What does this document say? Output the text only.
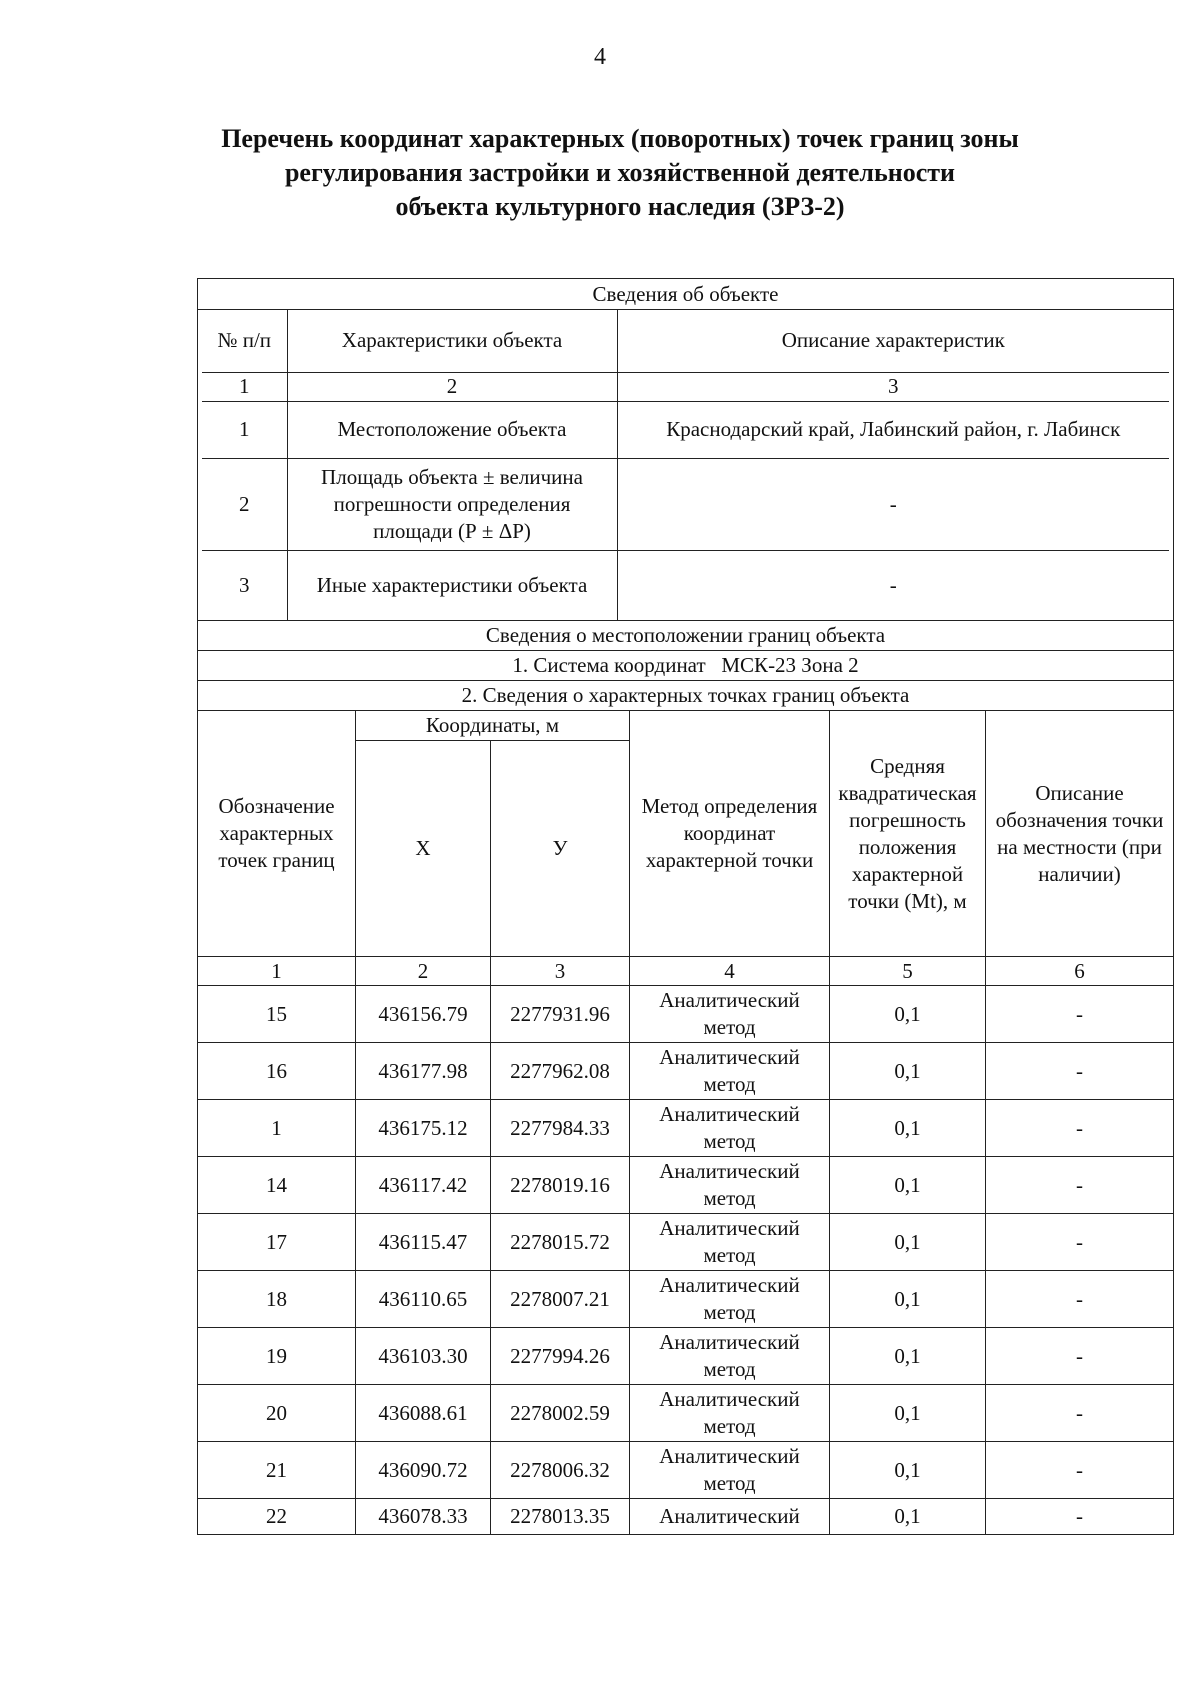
4
Перечень координат характерных (поворотных) точек границ зоны
регулирования застройки и хозяйственной деятельности
объекта культурного наследия (ЗРЗ-2)
Сведения об объекте

№ п/п	Характеристики объекта	Описание характеристик
1	2	3
1	Местоположение объекта	Краснодарский край, Лабинский район, г. Лабинск
2	Площадь объекта ± величина погрешности определения площади (Р ± ΔР)	-
3	Иные характеристики объекта	-

Сведения о местоположении границ объекта
1. Система координат   МСК-23 Зона 2
2. Сведения о характерных точках границ объекта
Обозначение характерных точек границ	Координаты, м	Метод определения координат характерной точки	Средняя квадратическая погрешность положения характерной точки (Mt), м	Описание обозначения точки на местности (при наличии)
X	У
1	2	3	4	5	6
15	436156.79	2277931.96	Аналитический метод	0,1	-
16	436177.98	2277962.08	Аналитический метод	0,1	-
1	436175.12	2277984.33	Аналитический метод	0,1	-
14	436117.42	2278019.16	Аналитический метод	0,1	-
17	436115.47	2278015.72	Аналитический метод	0,1	-
18	436110.65	2278007.21	Аналитический метод	0,1	-
19	436103.30	2277994.26	Аналитический метод	0,1	-
20	436088.61	2278002.59	Аналитический метод	0,1	-
21	436090.72	2278006.32	Аналитический метод	0,1	-
22	436078.33	2278013.35	Аналитический	0,1	-
